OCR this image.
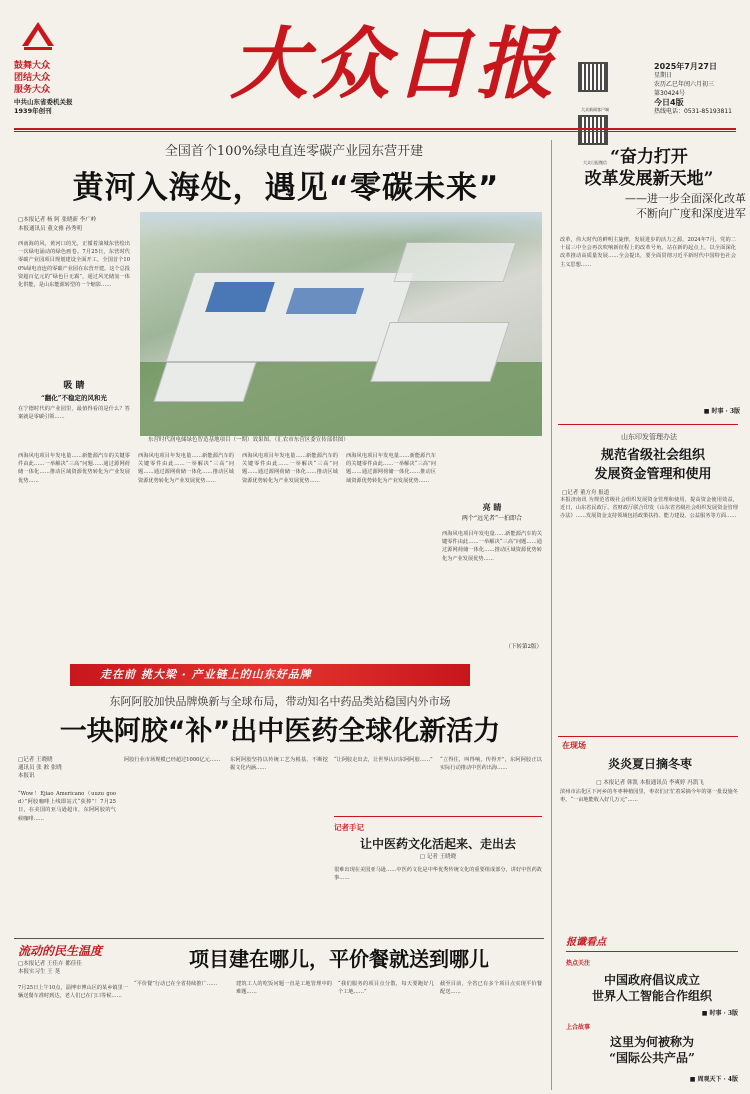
鼓舞大众
团结大众
服务大众
中共山东省委机关报
1939年创刊
大众日报	大众新闻客户端  大众日报微信
2025年7月27日
星期日
农历乙巳年闰六月初三
第30424号
今日4版
热线电话：0531-85193811
全国首个100%绿电直连零碳产业园东营开建
黄河入海处，遇见“零碳未来”
□本报记者 杨 阿 张晓新 李广岭
本报通讯员 董文雅 孙秀明
东营时代润电储绿色智造基地项目（一期）效果图。（汇农市东营区委宣传部供图）
西南海的风，黄河口的光，正循着油城东营绘出一次绿电涌动的绿色画卷。7月25日，东营时代零碳产业园项目规划建设全面开工，全国首个100%绿电直连的零碳产业园在东营开建。这个总投资超百亿元的“绿色巨无霸”，通过风光储氢一体化供能，是山东能源转型的一个缩影……
吸 睛
“翻化”不稳定的风和光
在宁德时代的产业园里，最值得看的是什么？答案就是零碳引领……
西海风电项目年发电量……新能源汽车的关键零件由此……一举解决“三高”问题……通过源网荷储一体化……推动区域资源优势转化为产业发展优势……
西海风电项目年发电量……新能源汽车的关键零件由此……一举解决“三高”问题……通过源网荷储一体化……推动区域资源优势转化为产业发展优势……
西海风电项目年发电量……新能源汽车的关键零件由此……一举解决“三高”问题……通过源网荷储一体化……推动区域资源优势转化为产业发展优势……
西海风电项目年发电量……新能源汽车的关键零件由此……一举解决“三高”问题……通过源网荷储一体化……推动区域资源优势转化为产业发展优势……
亮 睛
两个“远光者”一拍即合
西海风电项目年发电量……新能源汽车的关键零件由此……一举解决“三高”问题……通过源网荷储一体化……推动区域资源优势转化为产业发展优势……
（下转第2版）
“奋力打开
改革发展新天地”
——进一步全面深化改革
不断向广度和深度进军
改革，伟大时代的鲜明主旋律，发展进步的活力之源。2024年7月，党的二十届三中全会再次吹响新征程上的改革号角。站在新的起点上，以全面深化改革推动高质量发展……全会提出，要全面贯彻习近平新时代中国特色社会主义思想……
■ 时事 · 3版
山东印发管理办法
规范省级社会组织
发展资金管理和使用
□记者 董方舟 报道
本报济南讯 为规范省级社会组织发展资金管理和使用，提高资金使用效益，近日，山东省民政厅、省财政厅联合印发《山东省省级社会组织发展资金管理办法》……发展资金支持领域包括政策扶持、能力建设、公益服务等方面……
走在前 挑大梁 · 产业链上的山东好品牌
东阿阿胶加快品牌焕新与全球布局，带动知名中药品类站稳国内外市场
一块阿胶“补”出中医药全球化新活力
□记者 王晓晓
通讯员 张 淞 张晓
本报讯
“Wow！Ejiao Americano（uuzu good）”阿胶咖啡上线即站式“获捧”！7月25日，在美国的亚马逊超市，东阿阿胶的气候咖啡……
阿胶行业市场规模已经超过1000亿元……	东阿阿胶坚持以传统工艺为根基，不断挖掘文化内涵……
“让阿胶走出去，让世界认识东阿阿胶……” “立得住，叫得响，传得开”，东阿阿胶正以实际行动推动中医药出海……
记者手记
让中医药文化活起来、走出去
□ 记者 王晓晓
很难出现在美国亚马逊……中医药文化是中华优秀传统文化的重要组成部分，讲好中医药故事……
流动的民生温度
□本报记者 王佳卉 都佳佳
本报实习生 王 荛
7月25日上午10点，淄博市博山区的某乡镇里一辆送餐车准时到达，老人们已在门口等候……
项目建在哪儿，平价餐就送到哪儿
“平价餐”行动已在全省持续推广……	建筑工人的吃饭问题一直是工地管理中的难题……
“我们服务的项目点分散，每天要跑好几个工地……”
截至目前，全省已有多个项目点实现平价餐配送……
在现场
炎炎夏日摘冬枣
□ 本报记者 韩凯 本报通讯员 李爽婷 冯凯飞
滨州市沾化区下河乡的冬枣种植园里，枣农们正忙着采摘今年的第一批设施冬枣。“一亩地能收入好几万元”……
报谶看点
热点关注
中国政府倡议成立
世界人工智能合作组织
■ 时事 · 3版
上合故事
这里为何被称为
“国际公共产品”
■ 周观天下 · 4版
